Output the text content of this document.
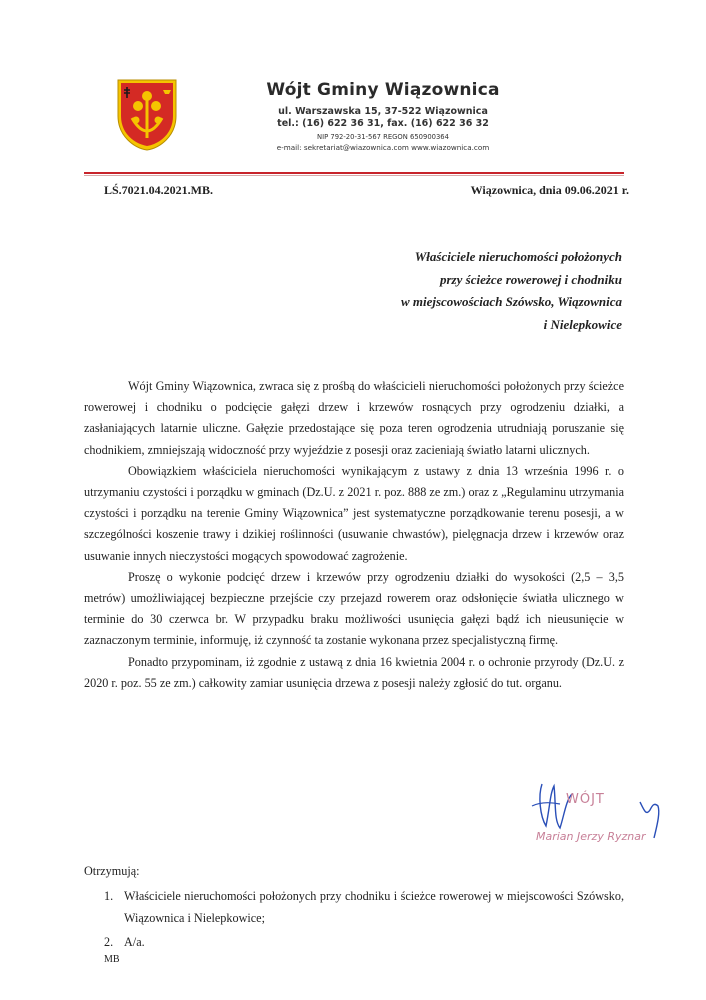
Wójt Gminy Wiązownica
ul. Warszawska 15, 37-522 Wiązownica
tel.: (16) 622 36 31, fax. (16) 622 36 32
NIP 792-20-31-567 REGON 650900364
e-mail: sekretariat@wiazownica.com www.wiazownica.com
LŚ.7021.04.2021.MB.	Wiązownica, dnia 09.06.2021 r.
Właściciele nieruchomości położonych
przy ścieżce rowerowej i chodniku
w miejscowościach Szówsko, Wiązownica
i Nielepkowice

Wójt Gminy Wiązownica, zwraca się z prośbą do właścicieli nieruchomości położonych przy ścieżce rowerowej i chodniku o podcięcie gałęzi drzew i krzewów rosnących przy ogrodzeniu działki, a zasłaniających latarnie uliczne. Gałęzie przedostające się poza teren ogrodzenia utrudniają poruszanie się chodnikiem, zmniejszają widoczność przy wyjeździe z posesji oraz zacieniają światło latarni ulicznych.

Obowiązkiem właściciela nieruchomości wynikającym z ustawy z dnia 13 września 1996 r. o utrzymaniu czystości i porządku w gminach (Dz.U. z 2021 r. poz. 888 ze zm.) oraz z „Regulaminu utrzymania czystości i porządku na terenie Gminy Wiązownica” jest systematyczne porządkowanie terenu posesji, a w szczególności koszenie trawy i dzikiej roślinności (usuwanie chwastów), pielęgnacja drzew i krzewów oraz usuwanie innych nieczystości mogących spowodować zagrożenie.

Proszę o wykonie podcięć drzew i krzewów przy ogrodzeniu działki do wysokości (2,5 – 3,5 metrów) umożliwiającej bezpieczne przejście czy przejazd rowerem oraz odsłonięcie światła ulicznego w terminie do 30 czerwca br. W przypadku braku możliwości usunięcia gałęzi bądź ich nieusunięcie w zaznaczonym terminie, informuję, iż czynność ta zostanie wykonana przez specjalistyczną firmę.

Ponadto przypominam, iż zgodnie z ustawą z dnia 16 kwietnia 2004 r. o ochronie przyrody (Dz.U. z 2020 r. poz. 55 ze zm.) całkowity zamiar usunięcia drzewa z posesji należy zgłosić do tut. organu.

WÓJT
Marian Jerzy Ryznar
Otrzymują:
1. Właściciele nieruchomości położonych przy chodniku i ścieżce rowerowej w miejscowości Szówsko, Wiązownica i Nielepkowice;
2. A/a.
MB
